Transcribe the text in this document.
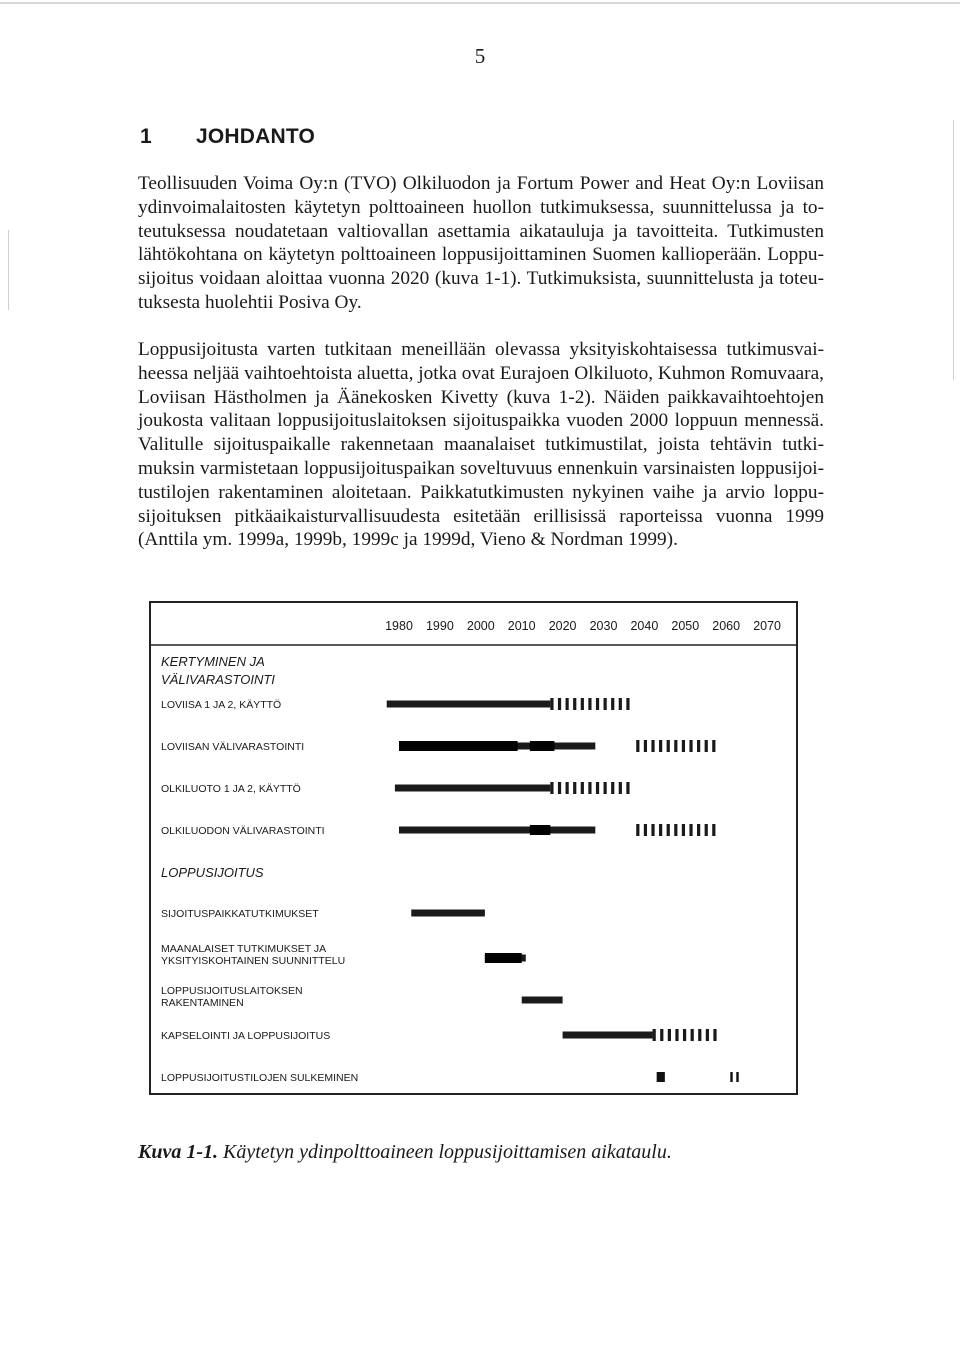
5
1 JOHDANTO

Teollisuuden Voima Oy:n (TVO) Olkiluodon ja Fortum Power and Heat Oy:n Loviisan ydinvoimalaitosten käytetyn polttoaineen huollon tutkimuksessa, suunnittelussa ja toteutuksessa noudatetaan valtiovallan asettamia aikatauluja ja tavoitteita. Tutkimusten lähtökohtana on käytetyn polttoaineen loppusijoittaminen Suomen kallioperään. Loppusijoitus voidaan aloittaa vuonna 2020 (kuva 1-1). Tutkimuksista, suunnittelusta ja toteutuksesta huolehtii Posiva Oy.

Loppusijoitusta varten tutkitaan meneillään olevassa yksityiskohtaisessa tutkimusvaiheessa neljää vaihtoehtoista aluetta, jotka ovat Eurajoen Olkiluoto, Kuhmon Romuvaara, Loviisan Hästholmen ja Äänekosken Kivetty (kuva 1-2). Näiden paikkavaihtoehtojen joukosta valitaan loppusijoituslaitoksen sijoituspaikka vuoden 2000 loppuun mennessä. Valitulle sijoituspaikalle rakennetaan maanalaiset tutkimustilat, joista tehtävin tutkimuksin varmistetaan loppusijoituspaikan soveltuvuus ennenkuin varsinaisten loppusijoitustilojen rakentaminen aloitetaan. Paikkatutkimusten nykyinen vaihe ja arvio loppusijoituksen pitkäaikaisturvallisuudesta esitetään erillisissä raporteissa vuonna 1999 (Anttila ym. 1999a, 1999b, 1999c ja 1999d, Vieno & Nordman 1999).

1980 1990 2000 2010 2020 2030 2040 2050 2060 2070
KERTYMINEN JA
VÄLIVARASTOINTI
LOVIISA 1 JA 2, KÄYTTÖ
LOVIISAN VÄLIVARASTOINTI
OLKILUOTO 1 JA 2, KÄYTTÖ
OLKILUODON VÄLIVARASTOINTI
LOPPUSIJOITUS
SIJOITUSPAIKKATUTKIMUKSET
MAANALAISET TUTKIMUKSET JA
YKSITYISKOHTAINEN SUUNNITTELU
LOPPUSIJOITUSLAITOKSEN
RAKENTAMINEN
KAPSELOINTI JA LOPPUSIJOITUS
LOPPUSIJOITUSTILOJEN SULKEMINEN

Kuva 1-1. Käytetyn ydinpolttoaineen loppusijoittamisen aikataulu.
